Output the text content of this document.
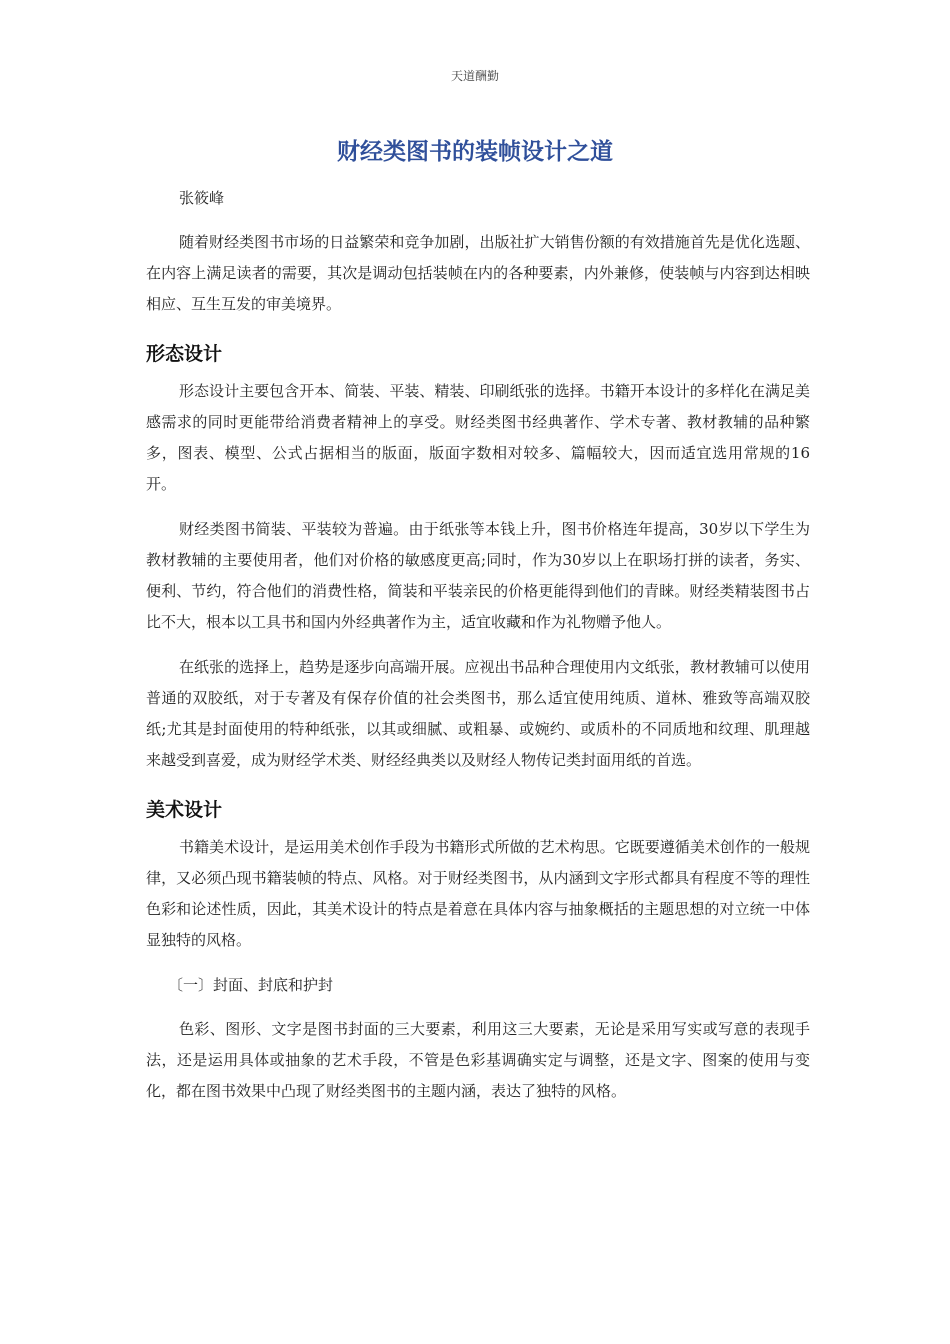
天道酬勤
财经类图书的装帧设计之道
张筱峰

随着财经类图书市场的日益繁荣和竞争加剧，出版社扩大销售份额的有效措施首先是优化选题、在内容上满足读者的需要，其次是调动包括装帧在内的各种要素，内外兼修，使装帧与内容到达相映相应、互生互发的审美境界。

形态设计

形态设计主要包含开本、简装、平装、精装、印刷纸张的选择。书籍开本设计的多样化在满足美感需求的同时更能带给消费者精神上的享受。财经类图书经典著作、学术专著、教材教辅的品种繁多，图表、模型、公式占据相当的版面，版面字数相对较多、篇幅较大，因而适宜选用常规的16开。

财经类图书简装、平装较为普遍。由于纸张等本钱上升，图书价格连年提高，30岁以下学生为教材教辅的主要使用者，他们对价格的敏感度更高;同时，作为30岁以上在职场打拼的读者，务实、便利、节约，符合他们的消费性格，简装和平装亲民的价格更能得到他们的青睐。财经类精装图书占比不大，根本以工具书和国内外经典著作为主，适宜收藏和作为礼物赠予他人。

在纸张的选择上，趋势是逐步向高端开展。应视出书品种合理使用内文纸张，教材教辅可以使用普通的双胶纸，对于专著及有保存价值的社会类图书，那么适宜使用纯质、道林、雅致等高端双胶纸;尤其是封面使用的特种纸张，以其或细腻、或粗暴、或婉约、或质朴的不同质地和纹理、肌理越来越受到喜爱，成为财经学术类、财经经典类以及财经人物传记类封面用纸的首选。

美术设计

书籍美术设计，是运用美术创作手段为书籍形式所做的艺术构思。它既要遵循美术创作的一般规律，又必须凸现书籍装帧的特点、风格。对于财经类图书，从内涵到文字形式都具有程度不等的理性色彩和论述性质，因此，其美术设计的特点是着意在具体内容与抽象概括的主题思想的对立统一中体显独特的风格。

〔一〕封面、封底和护封

色彩、图形、文字是图书封面的三大要素，利用这三大要素，无论是采用写实或写意的表现手法，还是运用具体或抽象的艺术手段，不管是色彩基调确实定与调整，还是文字、图案的使用与变化，都在图书效果中凸现了财经类图书的主题内涵，表达了独特的风格。
